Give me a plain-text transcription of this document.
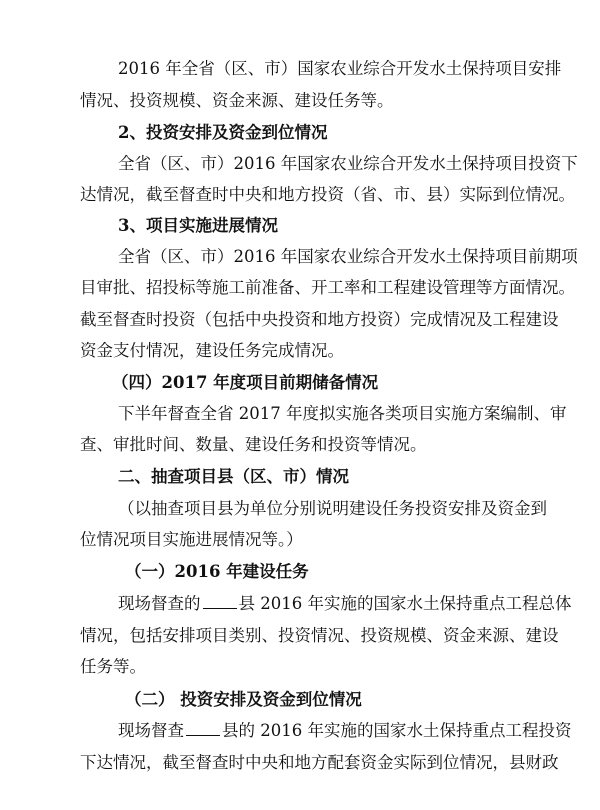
2016 年全省（区、市）国家农业综合开发水土保持项目安排
情况、投资规模、资金来源、建设任务等。
2、投资安排及资金到位情况
全省（区、市）2016 年国家农业综合开发水土保持项目投资下
达情况，截至督查时中央和地方投资（省、市、县）实际到位情况。
3、项目实施进展情况
全省（区、市）2016 年国家农业综合开发水土保持项目前期项
目审批、招投标等施工前准备、开工率和工程建设管理等方面情况。
截至督查时投资（包括中央投资和地方投资）完成情况及工程建设
资金支付情况，建设任务完成情况。
（四）2017 年度项目前期储备情况
下半年督查全省 2017 年度拟实施各类项目实施方案编制、审
查、审批时间、数量、建设任务和投资等情况。
二、抽查项目县（区、市）情况
（以抽查项目县为单位分别说明建设任务投资安排及资金到
位情况项目实施进展情况等。）
（一）2016 年建设任务
现场督查的 县 2016 年实施的国家水土保持重点工程总体
情况，包括安排项目类别、投资情况、投资规模、资金来源、建设
任务等。
（二） 投资安排及资金到位情况
现场督查 县的 2016 年实施的国家水土保持重点工程投资
下达情况，截至督查时中央和地方配套资金实际到位情况，县财政
